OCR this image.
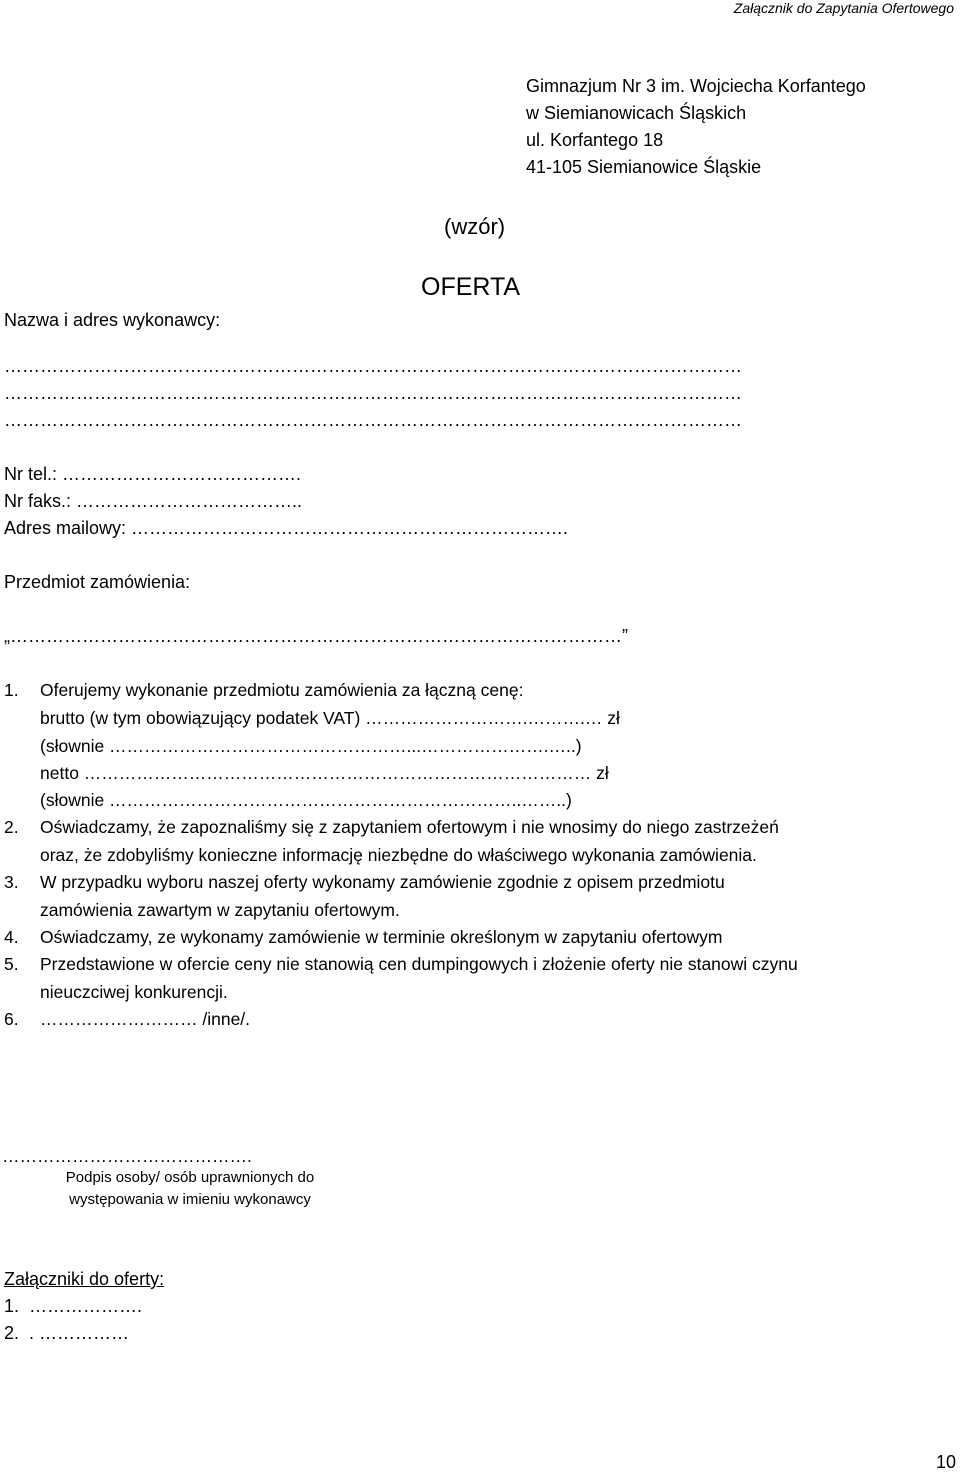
Załącznik do Zapytania Ofertowego
Gimnazjum Nr 3 im. Wojciecha Korfantego
w Siemianowicach Śląskich
ul. Korfantego 18
41-105 Siemianowice Śląskie
(wzór)
OFERTA
Nazwa i adres wykonawcy:
……………………………………………………………………………………………………………
……………………………………………………………………………………………………………
……………………………………………………………………………………………………………
Nr tel.: ………………………………….
Nr faks.: ………………………………..
Adres mailowy: ……………………………………………………………….
Przedmiot zamówienia:
„…………………………………………………………………………………………”
1. Oferujemy wykonanie przedmiotu zamówienia za łączną cenę:
brutto (w tym obowiązujący podatek VAT) ……………………….……….… zł
(słownie ……………………………………………...………………….…..)
netto …………………………………………………………………………… zł
(słownie ……………………………………………………………..……..)
2. Oświadczamy, że zapoznaliśmy się z zapytaniem ofertowym i nie wnosimy do niego zastrzeżeń
oraz, że zdobyliśmy konieczne informację niezbędne do właściwego wykonania zamówienia.
3. W przypadku wyboru naszej oferty wykonamy zamówienie zgodnie z opisem przedmiotu
zamówienia zawartym w zapytaniu ofertowym.
4. Oświadczamy, ze wykonamy zamówienie w terminie określonym w zapytaniu ofertowym
5. Przedstawione w ofercie ceny nie stanowią cen dumpingowych i złożenie oferty nie stanowi czynu
nieuczciwej konkurencji.
6. ……………………… /inne/.
…………………………………….
Podpis osoby/ osób uprawnionych do
występowania w imieniu wykonawcy
Załączniki do oferty:
1.  ……………….
2.  . ……………
10
